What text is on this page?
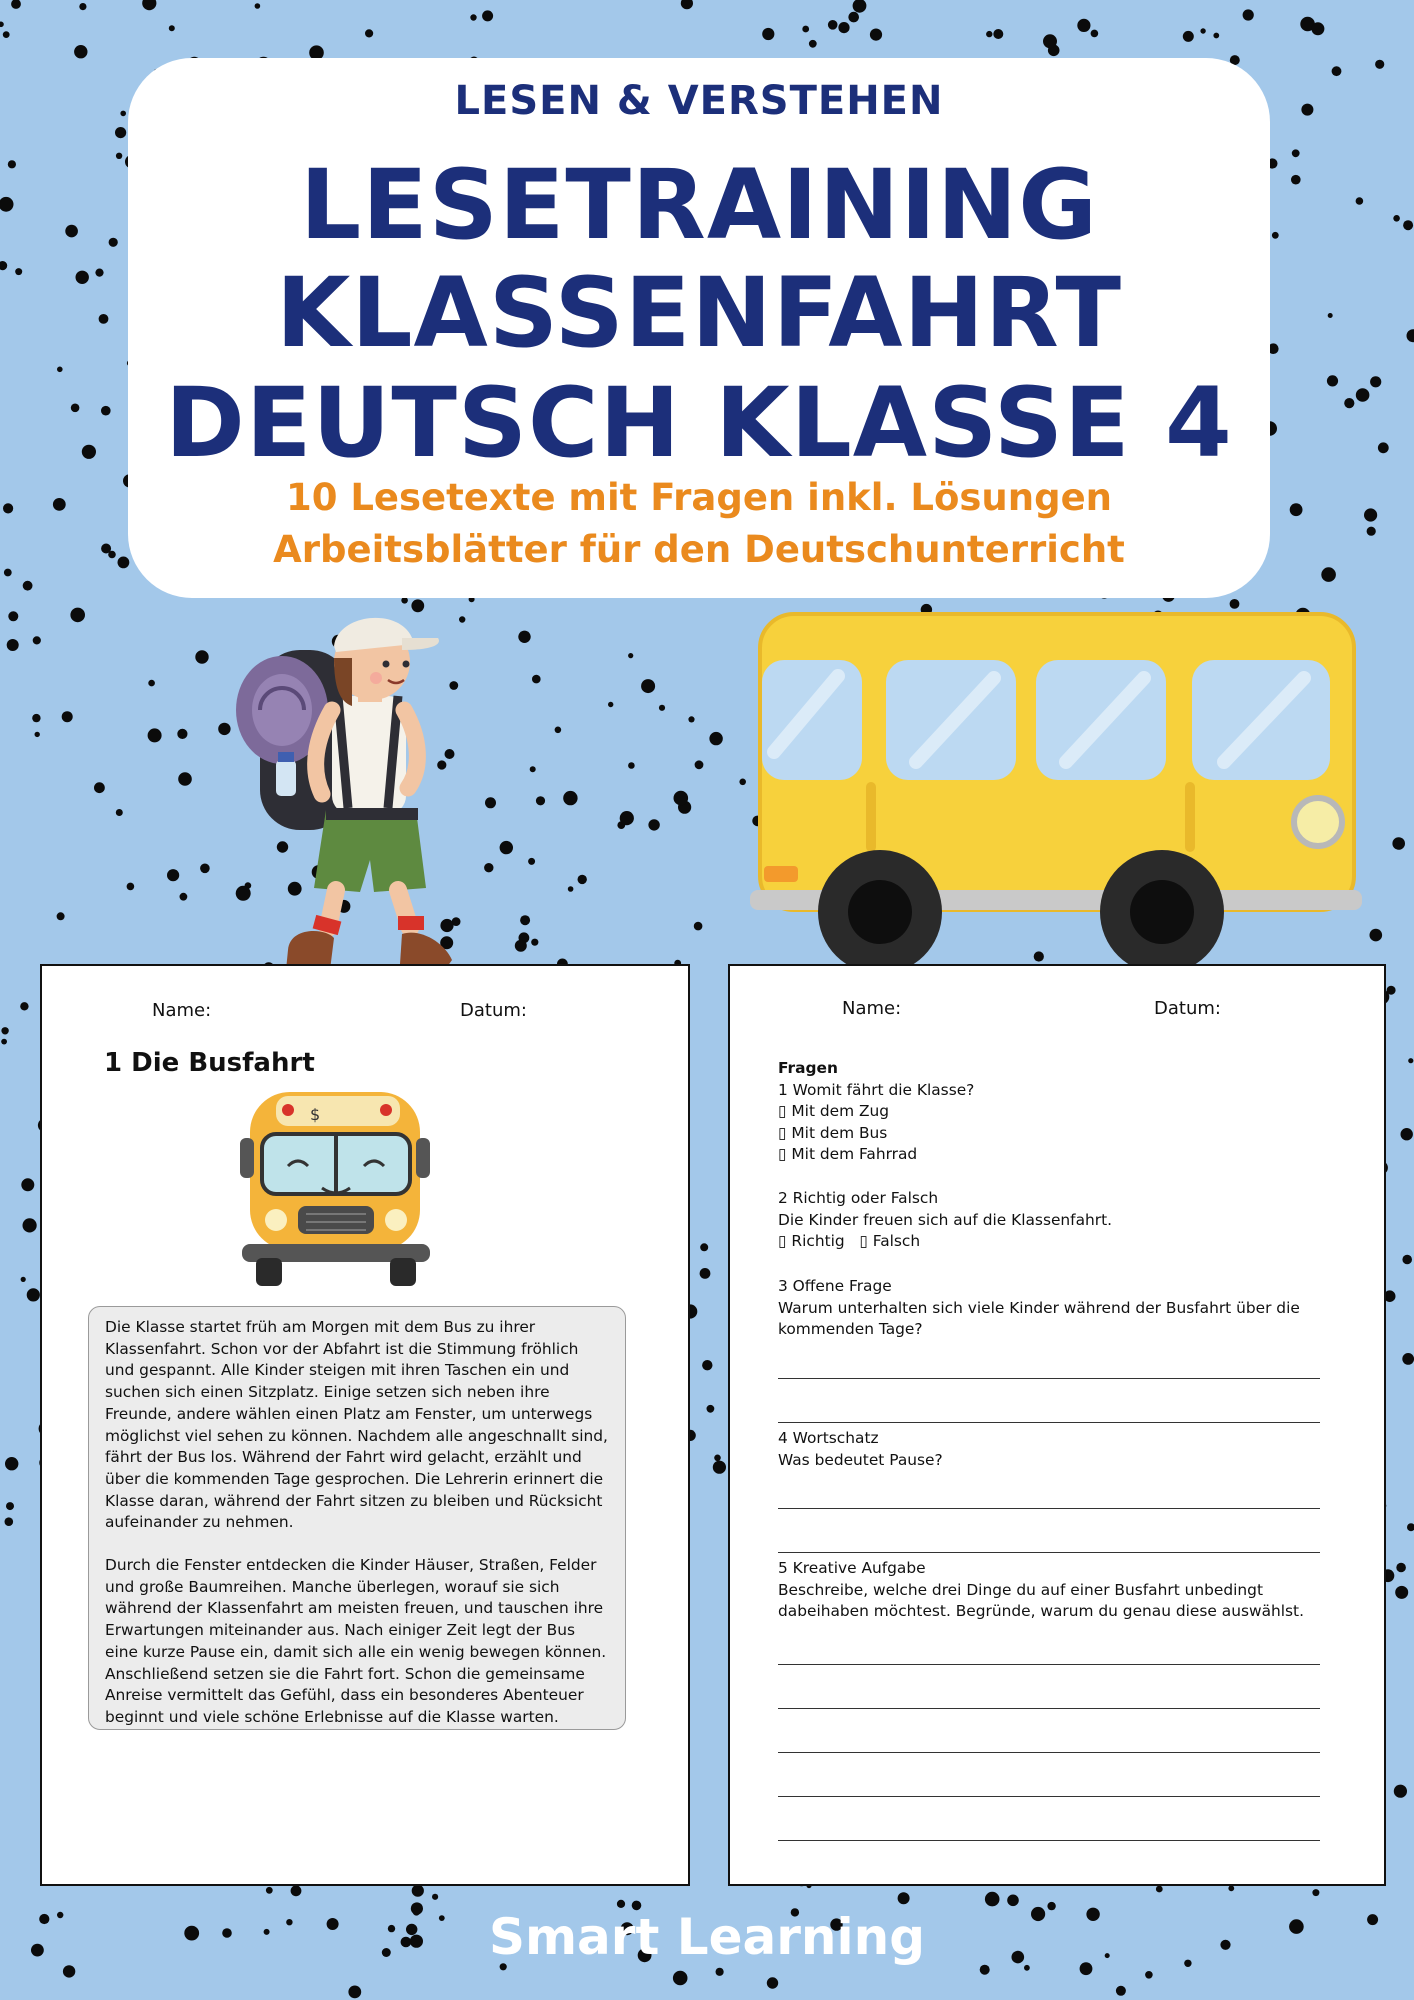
LESEN & VERSTEHEN
LESETRAINING
KLASSENFAHRT
DEUTSCH KLASSE 4
10 Lesetexte mit Fragen inkl. Lösungen
Arbeitsblätter für den Deutschunterricht
Name:	Datum:
1 Die Busfahrt
$

Die Klasse startet früh am Morgen mit dem Bus zu ihrer Klassenfahrt. Schon vor der Abfahrt ist die Stimmung fröhlich und gespannt. Alle Kinder steigen mit ihren Taschen ein und suchen sich einen Sitzplatz. Einige setzen sich neben ihre Freunde, andere wählen einen Platz am Fenster, um unterwegs möglichst viel sehen zu können. Nachdem alle angeschnallt sind, fährt der Bus los. Während der Fahrt wird gelacht, erzählt und über die kommenden Tage gesprochen. Die Lehrerin erinnert die Klasse daran, während der Fahrt sitzen zu bleiben und Rücksicht aufeinander zu nehmen.

Durch die Fenster entdecken die Kinder Häuser, Straßen, Felder und große Baumreihen. Manche überlegen, worauf sie sich während der Klassenfahrt am meisten freuen, und tauschen ihre Erwartungen miteinander aus. Nach einiger Zeit legt der Bus eine kurze Pause ein, damit sich alle ein wenig bewegen können. Anschließend setzen sie die Fahrt fort. Schon die gemeinsame Anreise vermittelt das Gefühl, dass ein besonderes Abenteuer beginnt und viele schöne Erlebnisse auf die Klasse warten.

Name:	Datum:
Fragen
1 Womit fährt die Klasse?
▯ Mit dem Zug
▯ Mit dem Bus
▯ Mit dem Fahrrad
2 Richtig oder Falsch
Die Kinder freuen sich auf die Klassenfahrt.
▯ Richtig ▯ Falsch
3 Offene Frage
Warum unterhalten sich viele Kinder während der Busfahrt über die
kommenden Tage?
4 Wortschatz
Was bedeutet Pause?
5 Kreative Aufgabe
Beschreibe, welche drei Dinge du auf einer Busfahrt unbedingt
dabeihaben möchtest. Begründe, warum du genau diese auswählst.
Smart Learning
